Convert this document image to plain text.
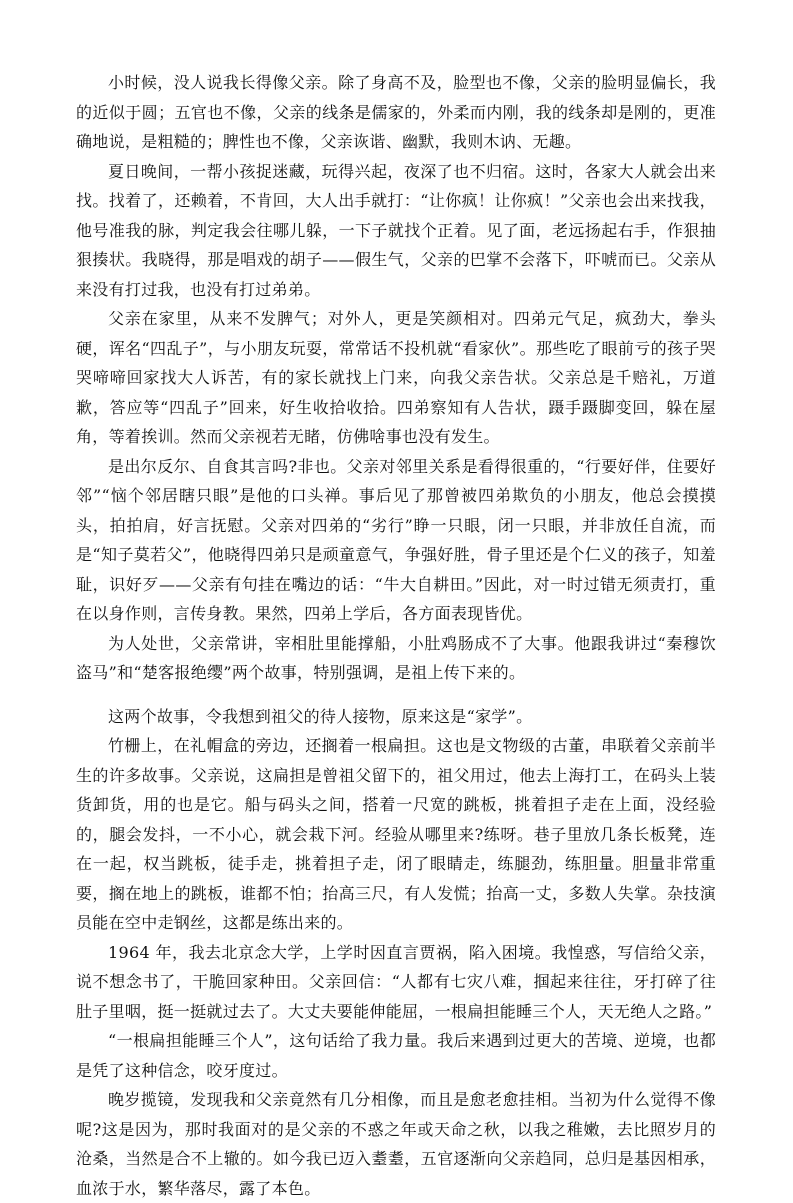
小时候，没人说我长得像父亲。除了身高不及，脸型也不像，父亲的脸明显偏长，我的近似于圆；五官也不像，父亲的线条是儒家的，外柔而内刚，我的线条却是刚的，更准确地说，是粗糙的；脾性也不像，父亲诙谐、幽默，我则木讷、无趣。

夏日晚间，一帮小孩捉迷藏，玩得兴起，夜深了也不归宿。这时，各家大人就会出来找。找着了，还赖着，不肯回，大人出手就打：“让你疯！让你疯！”父亲也会出来找我，他号准我的脉，判定我会往哪儿躲，一下子就找个正着。见了面，老远扬起右手，作狠抽狠揍状。我晓得，那是唱戏的胡子——假生气，父亲的巴掌不会落下，吓唬而已。父亲从来没有打过我，也没有打过弟弟。

父亲在家里，从来不发脾气；对外人，更是笑颜相对。四弟元气足，疯劲大，拳头硬，诨名“四乱子”，与小朋友玩耍，常常话不投机就“看家伙”。那些吃了眼前亏的孩子哭哭啼啼回家找大人诉苦，有的家长就找上门来，向我父亲告状。父亲总是千赔礼，万道歉，答应等“四乱子”回来，好生收拾收拾。四弟察知有人告状，蹑手蹑脚变回，躲在屋角，等着挨训。然而父亲视若无睹，仿佛啥事也没有发生。

是出尔反尔、自食其言吗?非也。父亲对邻里关系是看得很重的，“行要好伴，住要好邻”“恼个邻居瞎只眼”是他的口头禅。事后见了那曾被四弟欺负的小朋友，他总会摸摸头，拍拍肩，好言抚慰。父亲对四弟的“劣行”睁一只眼，闭一只眼，并非放任自流，而是“知子莫若父”，他晓得四弟只是顽童意气，争强好胜，骨子里还是个仁义的孩子，知羞耻，识好歹——父亲有句挂在嘴边的话：“牛大自耕田。”因此，对一时过错无须责打，重在以身作则，言传身教。果然，四弟上学后，各方面表现皆优。

为人处世，父亲常讲，宰相肚里能撑船，小肚鸡肠成不了大事。他跟我讲过“秦穆饮盗马”和“楚客报绝缨”两个故事，特别强调，是祖上传下来的。

这两个故事，令我想到祖父的待人接物，原来这是“家学”。

竹栅上，在礼帽盒的旁边，还搁着一根扁担。这也是文物级的古董，串联着父亲前半生的许多故事。父亲说，这扁担是曾祖父留下的，祖父用过，他去上海打工，在码头上装货卸货，用的也是它。船与码头之间，搭着一尺宽的跳板，挑着担子走在上面，没经验的，腿会发抖，一不小心，就会栽下河。经验从哪里来?练呀。巷子里放几条长板凳，连在一起，权当跳板，徒手走，挑着担子走，闭了眼睛走，练腿劲，练胆量。胆量非常重要，搁在地上的跳板，谁都不怕；抬高三尺，有人发慌；抬高一丈，多数人失掌。杂技演员能在空中走钢丝，这都是练出来的。

1964 年，我去北京念大学，上学时因直言贾祸，陷入困境。我惶惑，写信给父亲，说不想念书了，干脆回家种田。父亲回信：“人都有七灾八难，掴起来往往，牙打碎了往肚子里咽，挺一挺就过去了。大丈夫要能伸能屈，一根扁担能睡三个人，天无绝人之路。”

“一根扁担能睡三个人”，这句话给了我力量。我后来遇到过更大的苦境、逆境，也都是凭了这种信念，咬牙度过。

晚岁揽镜，发现我和父亲竟然有几分相像，而且是愈老愈挂相。当初为什么觉得不像呢?这是因为，那时我面对的是父亲的不惑之年或天命之秋，以我之稚嫩，去比照岁月的沧桑，当然是合不上辙的。如今我已迈入耋耋，五官逐渐向父亲趋同，总归是基因相承，血浓于水，繁华落尽，露了本色。
